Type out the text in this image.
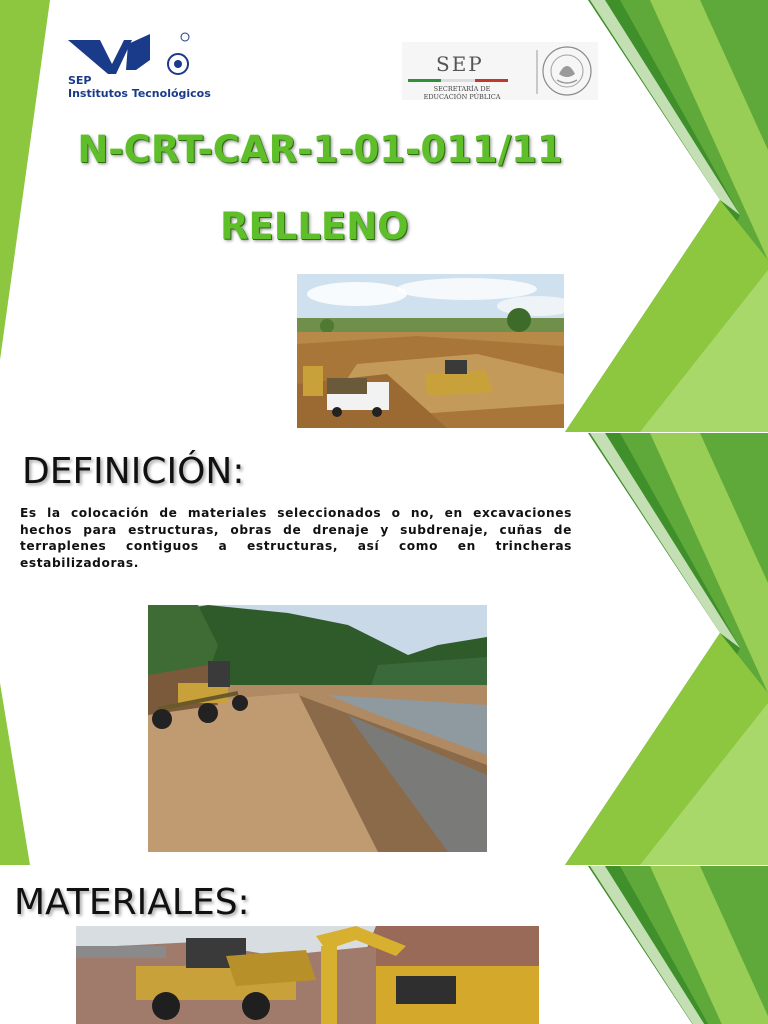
SEP
Institutos Tecnológicos
SEP
SECRETARÍA DE
EDUCACIÓN PÚBLICA
N-CRT-CAR-1-01-011/11
RELLENO
DEFINICIÓN:
Es la colocación de materiales seleccionados o no, en excavaciones hechos para estructuras, obras de drenaje y subdrenaje, cuñas de terraplenes contiguos a estructuras, así como en trincheras estabilizadoras.
MATERIALES:
